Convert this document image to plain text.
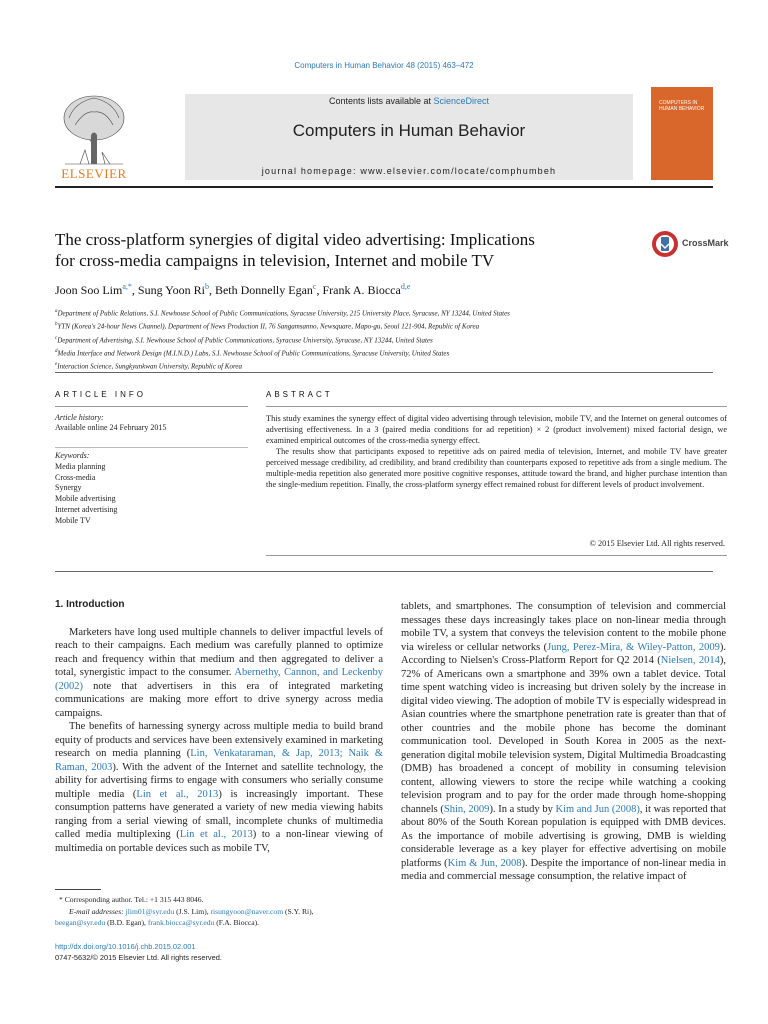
Computers in Human Behavior 48 (2015) 463–472
ELSEVIER
Contents lists available at ScienceDirect
Computers in Human Behavior
journal homepage: www.elsevier.com/locate/comphumbeh
COMPUTERS IN HUMAN BEHAVIOR
The cross-platform synergies of digital video advertising: Implications
for cross-media campaigns in television, Internet and mobile TV
CrossMark
Joon Soo Lim$^{a,*}$, Sung Yoon Ri$^b$, Beth Donnelly Egan$^c$, Frank A. Biocca$^{d,e}$
$^a$Department of Public Relations, S.I. Newhouse School of Public Communications, Syracuse University, 215 University Place, Syracuse, NY 13244, United States
$^b$YTN (Korea's 24-hour News Channel), Department of News Production II, 76 Sangamsanno, Newsquare, Mapo-gu, Seoul 121-904, Republic of Korea
$^c$Department of Advertising, S.I. Newhouse School of Public Communications, Syracuse University, Syracuse, NY 13244, United States
$^d$Media Interface and Network Design (M.I.N.D.) Labs, S.I. Newhouse School of Public Communications, Syracuse University, United States
$^e$Interaction Science, Sungkyunkwan University, Republic of Korea
ARTICLE INFO	ABSTRACT
Article history:
Available online 24 February 2015
Keywords:
Media planning
Cross-media
Synergy
Mobile advertising
Internet advertising
Mobile TV

This study examines the synergy effect of digital video advertising through television, mobile TV, and the Internet on general outcomes of advertising effectiveness. In a 3 (paired media conditions for ad repetition) × 2 (product involvement) mixed factorial design, we examined empirical outcomes of the cross-media synergy effect.

The results show that participants exposed to repetitive ads on paired media of television, Internet, and mobile TV have greater perceived message credibility, ad credibility, and brand credibility than counterparts exposed to repetitive ads from a single medium. The multiple-media repetition also generated more positive cognitive responses, attitude toward the brand, and higher purchase intention than the single-medium repetition. Finally, the cross-platform synergy effect remained robust for different levels of product involvement.

© 2015 Elsevier Ltd. All rights reserved.

1. Introduction

Marketers have long used multiple channels to deliver impactful levels of reach to their campaigns. Each medium was carefully planned to optimize reach and frequency within that medium and then aggregated to deliver a total, synergistic impact to the consumer. Abernethy, Cannon, and Leckenby (2002) note that advertisers in this era of integrated marketing communications are making more effort to drive synergy across media campaigns.

The benefits of harnessing synergy across multiple media to build brand equity of products and services have been extensively examined in marketing research on media planning (Lin, Venkataraman, & Jap, 2013; Naik & Raman, 2003). With the advent of the Internet and satellite technology, the ability for advertising firms to engage with consumers who serially consume multiple media (Lin et al., 2013) is increasingly important. These consumption patterns have generated a variety of new media viewing habits ranging from a serial viewing of small, incomplete chunks of multimedia called media multiplexing (Lin et al., 2013) to a non-linear viewing of multimedia on portable devices such as mobile TV,

tablets, and smartphones. The consumption of television and commercial messages these days increasingly takes place on non-linear media through mobile TV, a system that conveys the television content to the mobile phone via wireless or cellular networks (Jung, Perez-Mira, & Wiley-Patton, 2009). According to Nielsen's Cross-Platform Report for Q2 2014 (Nielsen, 2014), 72% of Americans own a smartphone and 39% own a tablet device. Total time spent watching video is increasing but driven solely by the increase in digital video viewing. The adoption of mobile TV is especially widespread in Asian countries where the smartphone penetration rate is greater than that of other countries and the mobile phone has become the dominant communication tool. Developed in South Korea in 2005 as the next-generation digital mobile television system, Digital Multimedia Broadcasting (DMB) has broadened a concept of mobility in consuming television content, allowing viewers to store the recipe while watching a cooking television program and to pay for the order made through home-shopping channels (Shin, 2009). In a study by Kim and Jun (2008), it was reported that about 80% of the South Korean population is equipped with DMB devices. As the importance of mobile advertising is growing, DMB is wielding considerable leverage as a key player for effective advertising on mobile platforms (Kim & Jun, 2008). Despite the importance of non-linear media in media and commercial message consumption, the relative impact of

* Corresponding author. Tel.: +1 315 443 8046.
E-mail addresses: jlim01@syr.edu (J.S. Lim), risungyoon@naver.com (S.Y. Ri),
beegan@syr.edu (B.D. Egan), frank.biocca@syr.edu (F.A. Biocca).
http://dx.doi.org/10.1016/j.chb.2015.02.001
0747-5632/© 2015 Elsevier Ltd. All rights reserved.
